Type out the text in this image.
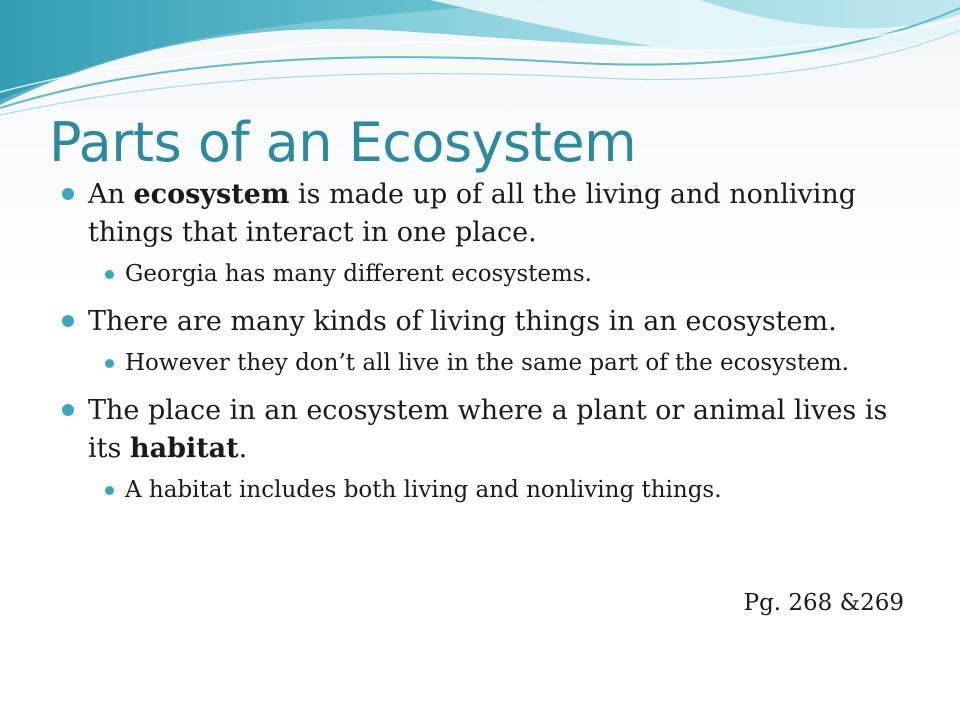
Parts of an Ecosystem
An ecosystem is made up of all the living and nonliving things that interact in one place.
Georgia has many different ecosystems.
There are many kinds of living things in an ecosystem.
However they don’t all live in the same part of the ecosystem.
The place in an ecosystem where a plant or animal lives is its habitat.
A habitat includes both living and nonliving things.
Pg. 268 &269
